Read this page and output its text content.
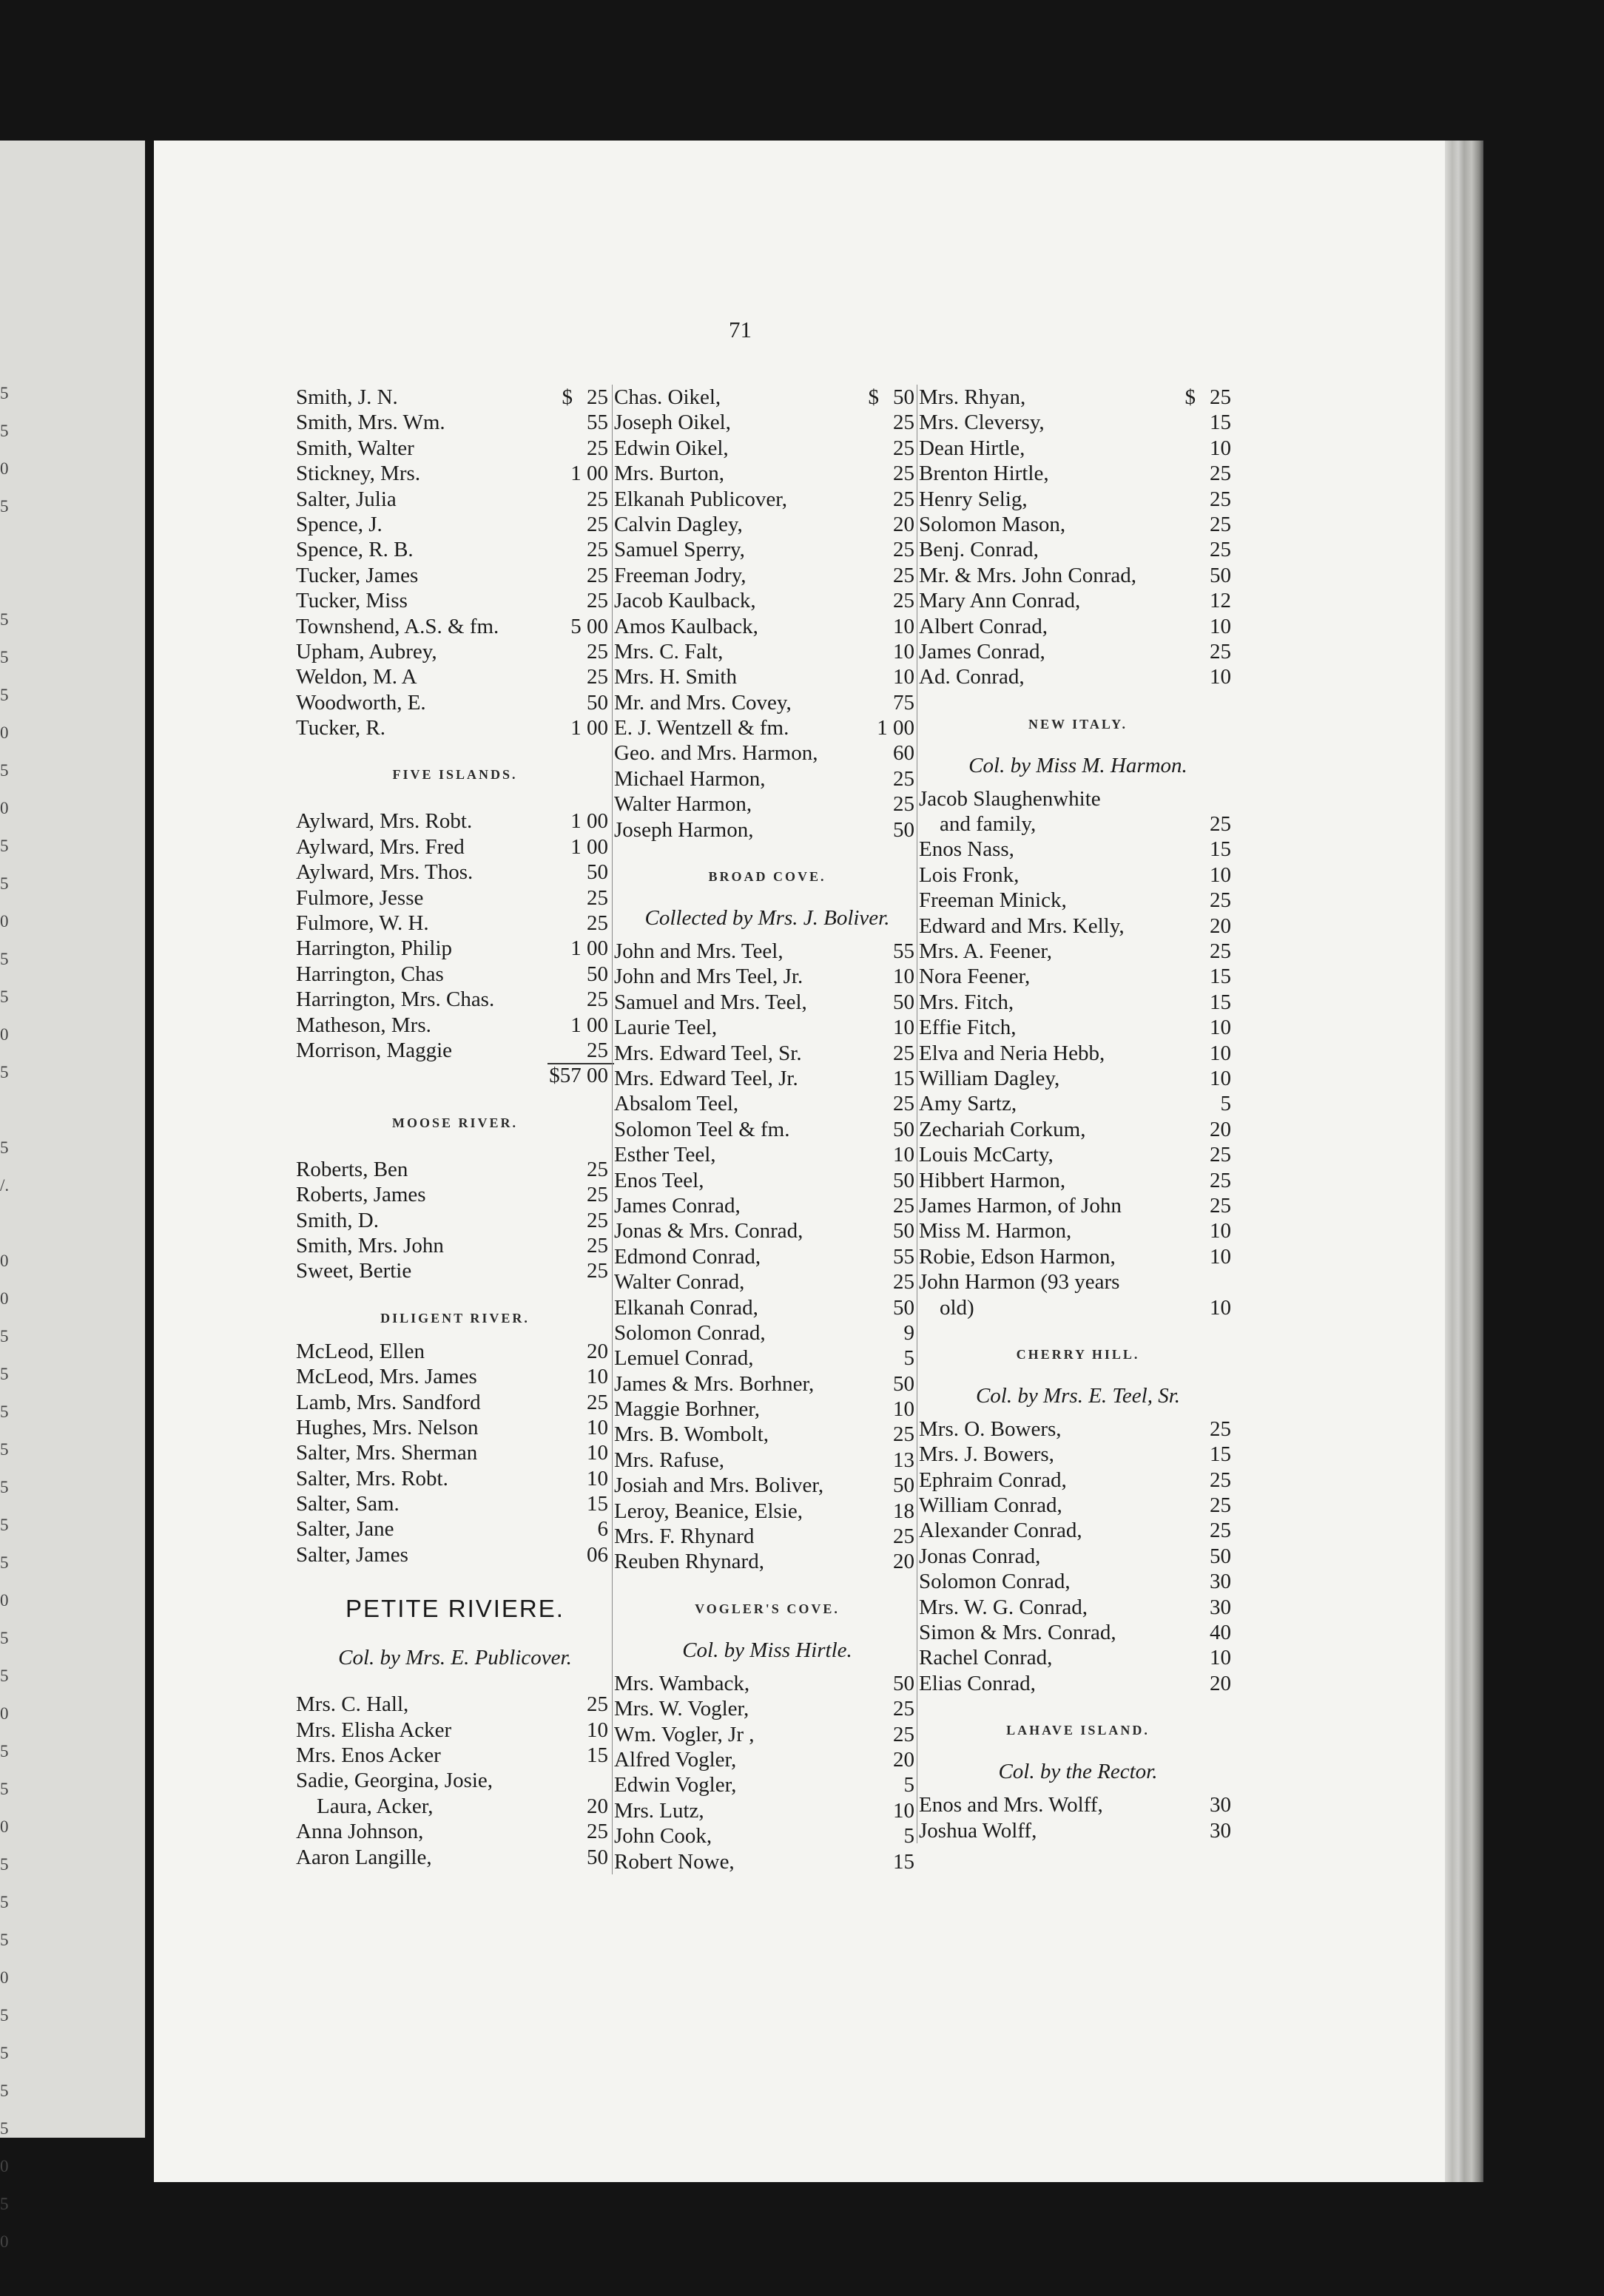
5
5
0
5
5
5
5
0
5
0
5
5
0
5
5
0
5
5
/.
0
0
5
5
5
5
5
5
5
0
5
5
0
5
5
0
5
5
5
0
5
5
5
5
0
5
0
71
Smith, J. N.	$ 25
Smith, Mrs. Wm.	55
Smith, Walter	25
Stickney, Mrs.	1 00
Salter, Julia	25
Spence, J.	25
Spence, R. B.	25
Tucker, James	25
Tucker, Miss	25
Townshend, A.S. & fm.	5 00
Upham, Aubrey,	25
Weldon, M. A	25
Woodworth, E.	50
Tucker, R.	1 00
FIVE ISLANDS.
Aylward, Mrs. Robt.	1 00
Aylward, Mrs. Fred	1 00
Aylward, Mrs. Thos.	50
Fulmore, Jesse	25
Fulmore, W. H.	25
Harrington, Philip	1 00
Harrington, Chas	50
Harrington, Mrs. Chas.	25
Matheson, Mrs.	1 00
Morrison, Maggie	25
$57 00
MOOSE RIVER.
Roberts, Ben	25
Roberts, James	25
Smith, D.	25
Smith, Mrs. John	25
Sweet, Bertie	25
DILIGENT RIVER.
McLeod, Ellen	20
McLeod, Mrs. James	10
Lamb, Mrs. Sandford	25
Hughes, Mrs. Nelson	10
Salter, Mrs. Sherman	10
Salter, Mrs. Robt.	10
Salter, Sam.	15
Salter, Jane	6
Salter, James	06
PETITE RIVIERE.
Col. by Mrs. E. Publicover.
Mrs. C. Hall,	25
Mrs. Elisha Acker	10
Mrs. Enos Acker	15
Sadie, Georgina, Josie,
Laura, Acker,	20
Anna Johnson,	25
Aaron Langille,	50
Chas. Oikel,	$ 50
Joseph Oikel,	25
Edwin Oikel,	25
Mrs. Burton,	25
Elkanah Publicover,	25
Calvin Dagley,	20
Samuel Sperry,	25
Freeman Jodry,	25
Jacob Kaulback,	25
Amos Kaulback,	10
Mrs. C. Falt,	10
Mrs. H. Smith	10
Mr. and Mrs. Covey,	75
E. J. Wentzell & fm.	1 00
Geo. and Mrs. Harmon,	60
Michael Harmon,	25
Walter Harmon,	25
Joseph Harmon,	50
BROAD COVE.
Collected by Mrs. J. Boliver.
John and Mrs. Teel,	55
John and Mrs Teel, Jr.	10
Samuel and Mrs. Teel,	50
Laurie Teel,	10
Mrs. Edward Teel, Sr.	25
Mrs. Edward Teel, Jr.	15
Absalom Teel,	25
Solomon Teel & fm.	50
Esther Teel,	10
Enos Teel,	50
James Conrad,	25
Jonas & Mrs. Conrad,	50
Edmond Conrad,	55
Walter Conrad,	25
Elkanah Conrad,	50
Solomon Conrad,	9
Lemuel Conrad,	5
James & Mrs. Borhner,	50
Maggie Borhner,	10
Mrs. B. Wombolt,	25
Mrs. Rafuse,	13
Josiah and Mrs. Boliver,	50
Leroy, Beanice, Elsie,	18
Mrs. F. Rhynard	25
Reuben Rhynard,	20
VOGLER'S COVE.
Col. by Miss Hirtle.
Mrs. Wamback,	50
Mrs. W. Vogler,	25
Wm. Vogler, Jr ,	25
Alfred Vogler,	20
Edwin Vogler,	5
Mrs. Lutz,	10
John Cook,	5
Robert Nowe,	15
Mrs. Rhyan,	$ 25
Mrs. Cleversy,	15
Dean Hirtle,	10
Brenton Hirtle,	25
Henry Selig,	25
Solomon Mason,	25
Benj. Conrad,	25
Mr. & Mrs. John Conrad,	50
Mary Ann Conrad,	12
Albert Conrad,	10
James Conrad,	25
Ad. Conrad,	10
NEW ITALY.
Col. by Miss M. Harmon.
Jacob Slaughenwhite
and family,	25
Enos Nass,	15
Lois Fronk,	10
Freeman Minick,	25
Edward and Mrs. Kelly,	20
Mrs. A. Feener,	25
Nora Feener,	15
Mrs. Fitch,	15
Effie Fitch,	10
Elva and Neria Hebb,	10
William Dagley,	10
Amy Sartz,	5
Zechariah Corkum,	20
Louis McCarty,	25
Hibbert Harmon,	25
James Harmon, of John	25
Miss M. Harmon,	10
Robie, Edson Harmon,	10
John Harmon (93 years
old)	10
CHERRY HILL.
Col. by Mrs. E. Teel, Sr.
Mrs. O. Bowers,	25
Mrs. J. Bowers,	15
Ephraim Conrad,	25
William Conrad,	25
Alexander Conrad,	25
Jonas Conrad,	50
Solomon Conrad,	30
Mrs. W. G. Conrad,	30
Simon & Mrs. Conrad,	40
Rachel Conrad,	10
Elias Conrad,	20
LAHAVE ISLAND.
Col. by the Rector.
Enos and Mrs. Wolff,	30
Joshua Wolff,	30
